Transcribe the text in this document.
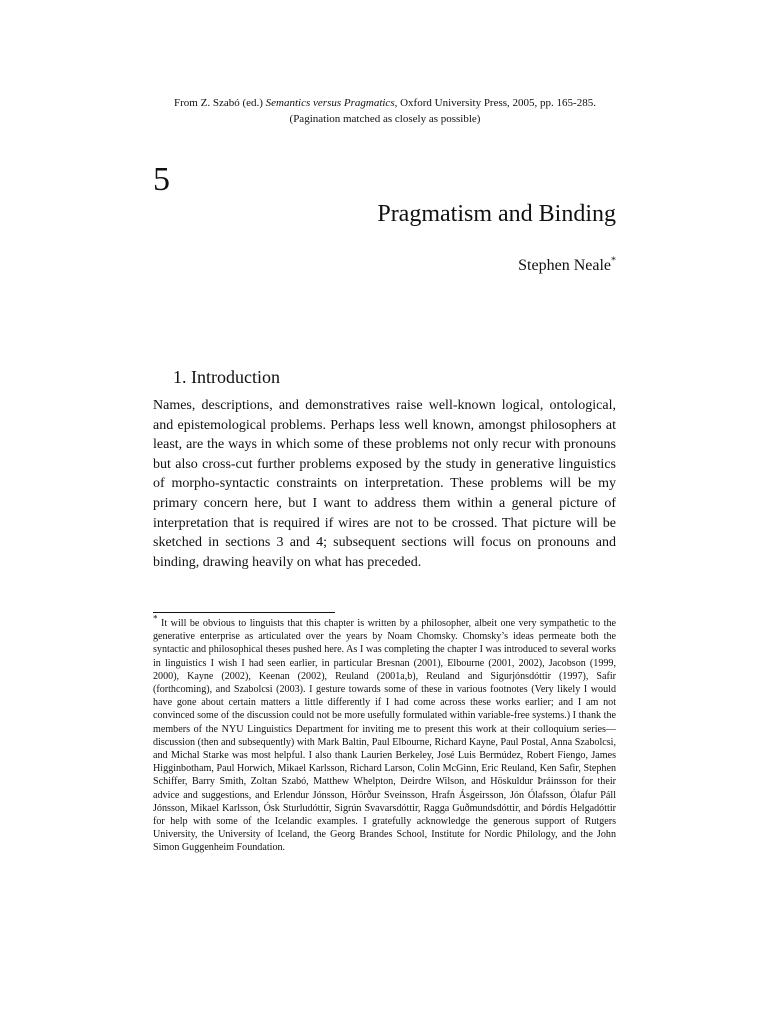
From Z. Szabó (ed.) Semantics versus Pragmatics, Oxford University Press, 2005, pp. 165-285.
(Pagination matched as closely as possible)
5
Pragmatism and Binding
Stephen Neale*
1. Introduction
Names, descriptions, and demonstratives raise well-known logical, ontological, and epistemological problems. Perhaps less well known, amongst philosophers at least, are the ways in which some of these problems not only recur with pronouns but also cross-cut further problems exposed by the study in generative linguistics of morpho-syntactic constraints on interpretation. These problems will be my primary concern here, but I want to address them within a general picture of interpretation that is required if wires are not to be crossed. That picture will be sketched in sections 3 and 4; subsequent sections will focus on pronouns and binding, drawing heavily on what has preceded.
* It will be obvious to linguists that this chapter is written by a philosopher, albeit one very sympathetic to the generative enterprise as articulated over the years by Noam Chomsky. Chomsky’s ideas permeate both the syntactic and philosophical theses pushed here. As I was completing the chapter I was introduced to several works in linguistics I wish I had seen earlier, in particular Bresnan (2001), Elbourne (2001, 2002), Jacobson (1999, 2000), Kayne (2002), Keenan (2002), Reuland (2001a,b), Reuland and Sigurjónsdóttir (1997), Safir (forthcoming), and Szabolcsi (2003). I gesture towards some of these in various footnotes (Very likely I would have gone about certain matters a little differently if I had come across these works earlier; and I am not convinced some of the discussion could not be more usefully formulated within variable-free systems.) I thank the members of the NYU Linguistics Department for inviting me to present this work at their colloquium series—discussion (then and subsequently) with Mark Baltin, Paul Elbourne, Richard Kayne, Paul Postal, Anna Szabolcsi, and Michal Starke was most helpful. I also thank Laurien Berkeley, José Luis Bermúdez, Robert Fiengo, James Higginbotham, Paul Horwich, Mikael Karlsson, Richard Larson, Colin McGinn, Eric Reuland, Ken Safir, Stephen Schiffer, Barry Smith, Zoltan Szabó, Matthew Whelpton, Deirdre Wilson, and Höskuldur Þráinsson for their advice and suggestions, and Erlendur Jónsson, Hörður Sveinsson, Hrafn Ásgeirsson, Jón Ólafsson, Ólafur Páll Jónsson, Mikael Karlsson, Ósk Sturludóttir, Sigrún Svavarsdóttir, Ragga Guðmundsdóttir, and Þórdís Helgadóttir for help with some of the Icelandic examples. I gratefully acknowledge the generous support of Rutgers University, the University of Iceland, the Georg Brandes School, Institute for Nordic Philology, and the John Simon Guggenheim Foundation.
